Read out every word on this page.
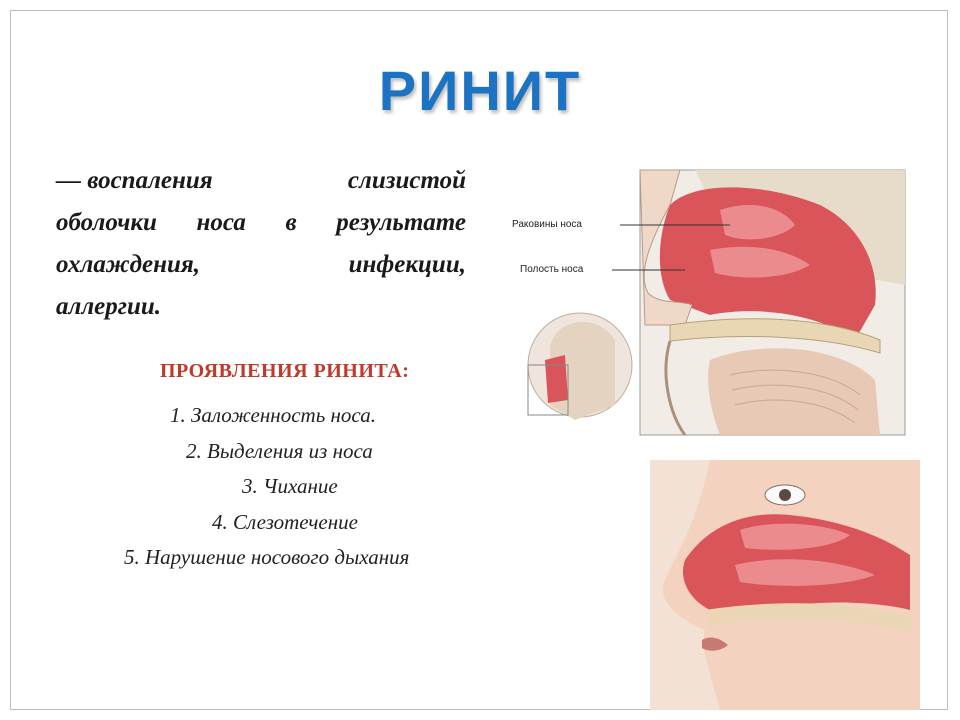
РИНИТ
— воспаления	слизистой
оболочки носа в результате
охлаждения,	инфекции,
аллергии.
ПРОЯВЛЕНИЯ РИНИТА:
1. Заложенность носа.
2. Выделения из носа
3. Чихание
4. Слезотечение
5. Нарушение носового дыхания
Раковины носа
Полость носа
